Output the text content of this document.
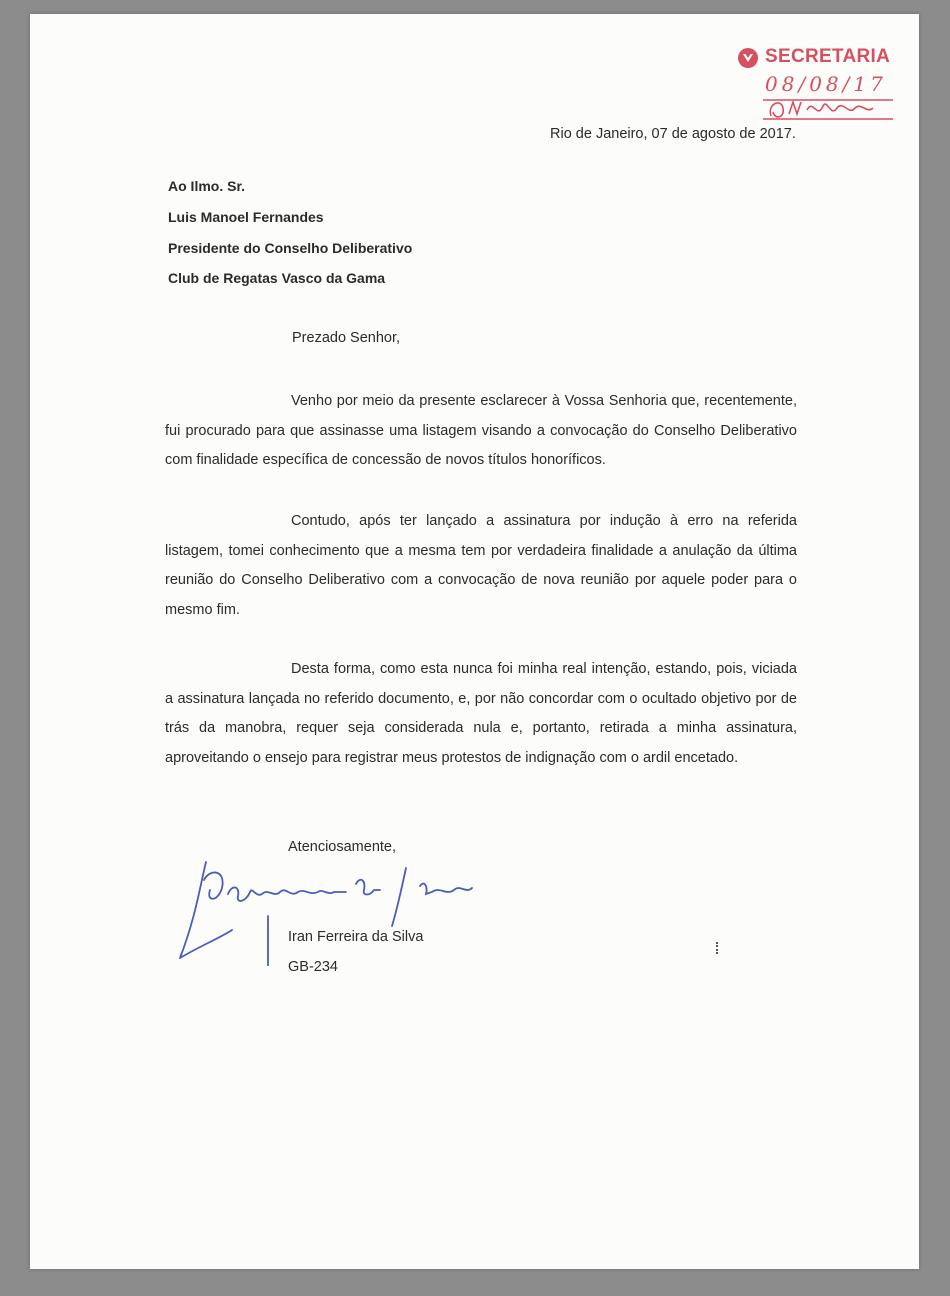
SECRETARIA
08/08/17
Rio de Janeiro, 07 de agosto de 2017.
Ao Ilmo. Sr.
Luis Manoel Fernandes
Presidente do Conselho Deliberativo
Club de Regatas Vasco da Gama
Prezado Senhor,

Venho por meio da presente esclarecer à Vossa Senhoria que, recentemente, fui procurado para que assinasse uma listagem visando a convocação do Conselho Deliberativo com finalidade específica de concessão de novos títulos honoríficos.

Contudo, após ter lançado a assinatura por indução à erro na referida listagem, tomei conhecimento que a mesma tem por verdadeira finalidade a anulação da última reunião do Conselho Deliberativo com a convocação de nova reunião por aquele poder para o mesmo fim.

Desta forma, como esta nunca foi minha real intenção, estando, pois, viciada a assinatura lançada no referido documento, e, por não concordar com o ocultado objetivo por de trás da manobra, requer seja considerada nula e, portanto, retirada a minha assinatura, aproveitando o ensejo para registrar meus protestos de indignação com o ardil encetado.

Atenciosamente,
Iran Ferreira da Silva
GB-234
